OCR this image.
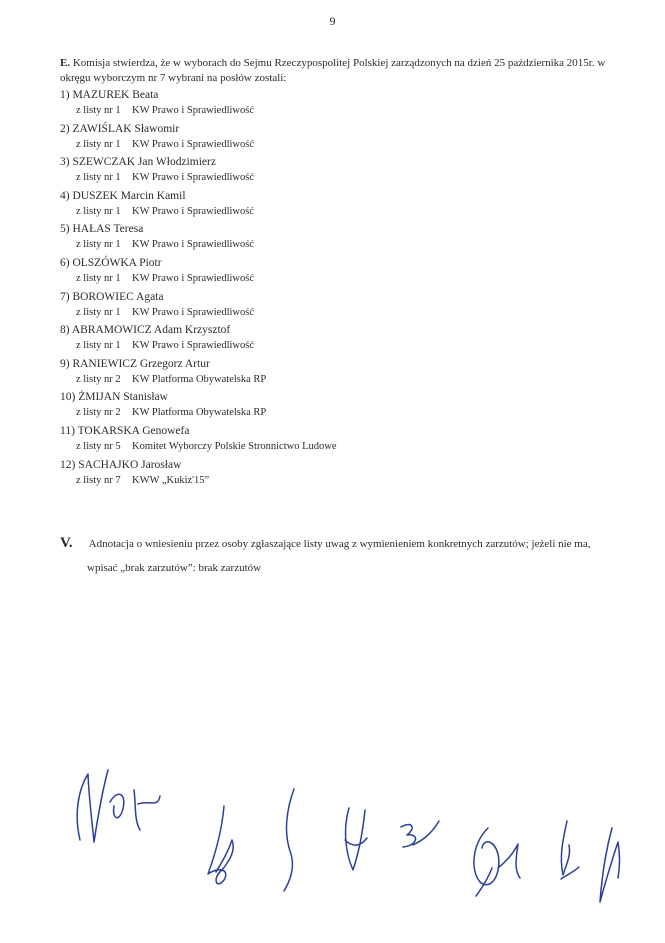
9
E. Komisja stwierdza, że w wyborach do Sejmu Rzeczypospolitej Polskiej zarządzonych na dzień 25 października 2015r. w okręgu wyborczym nr 7 wybrani na posłów zostali:
1) MAZUREK Beata
z listy nr 1 KW Prawo i Sprawiedliwość
2) ZAWIŚLAK Sławomir
z listy nr 1 KW Prawo i Sprawiedliwość
3) SZEWCZAK Jan Włodzimierz
z listy nr 1 KW Prawo i Sprawiedliwość
4) DUSZEK Marcin Kamil
z listy nr 1 KW Prawo i Sprawiedliwość
5) HAŁAS Teresa
z listy nr 1 KW Prawo i Sprawiedliwość
6) OLSZÓWKA Piotr
z listy nr 1 KW Prawo i Sprawiedliwość
7) BOROWIEC Agata
z listy nr 1 KW Prawo i Sprawiedliwość
8) ABRAMOWICZ Adam Krzysztof
z listy nr 1 KW Prawo i Sprawiedliwość
9) RANIEWICZ Grzegorz Artur
z listy nr 2 KW Platforma Obywatelska RP
10) ŻMIJAN Stanisław
z listy nr 2 KW Platforma Obywatelska RP
11) TOKARSKA Genowefa
z listy nr 5 Komitet Wyborczy Polskie Stronnictwo Ludowe
12) SACHAJKO Jarosław
z listy nr 7 KWW „Kukiz'15”
V. Adnotacja o wniesieniu przez osoby zgłaszające listy uwag z wymienieniem konkretnych zarzutów; jeżeli nie ma,
wpisać „brak zarzutów”: brak zarzutów
